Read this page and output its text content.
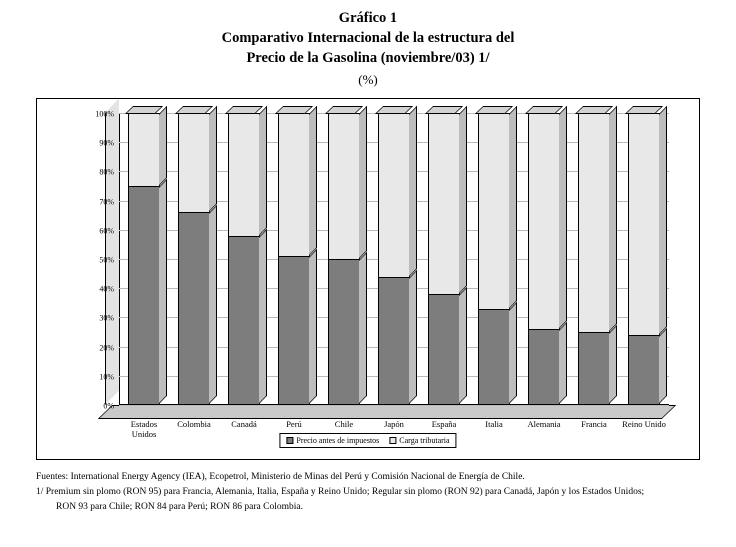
Gráfico 1
Comparativo Internacional de la estructura del
Precio de la Gasolina (noviembre/03) 1/
(%)
0%
10%
20%
30%
40%
50%
60%
70%
80%
90%
100%
Estados Unidos
Colombia	Canadá	Perú	Chile	Japón	España	Italia	Alemania	Francia	Reino Unido
Precio antes de impuestos	Carga tributaria
Fuentes: International Energy Agency (IEA), Ecopetrol, Ministerio de Minas del Perú y Comisión Nacional de Energía de Chile.
1/ Premium sin plomo (RON 95) para Francia, Alemania, Italia, España y Reino Unido; Regular sin plomo (RON 92) para Canadá, Japón y los Estados Unidos;
RON 93 para Chile; RON 84 para Perú; RON 86 para Colombia.
